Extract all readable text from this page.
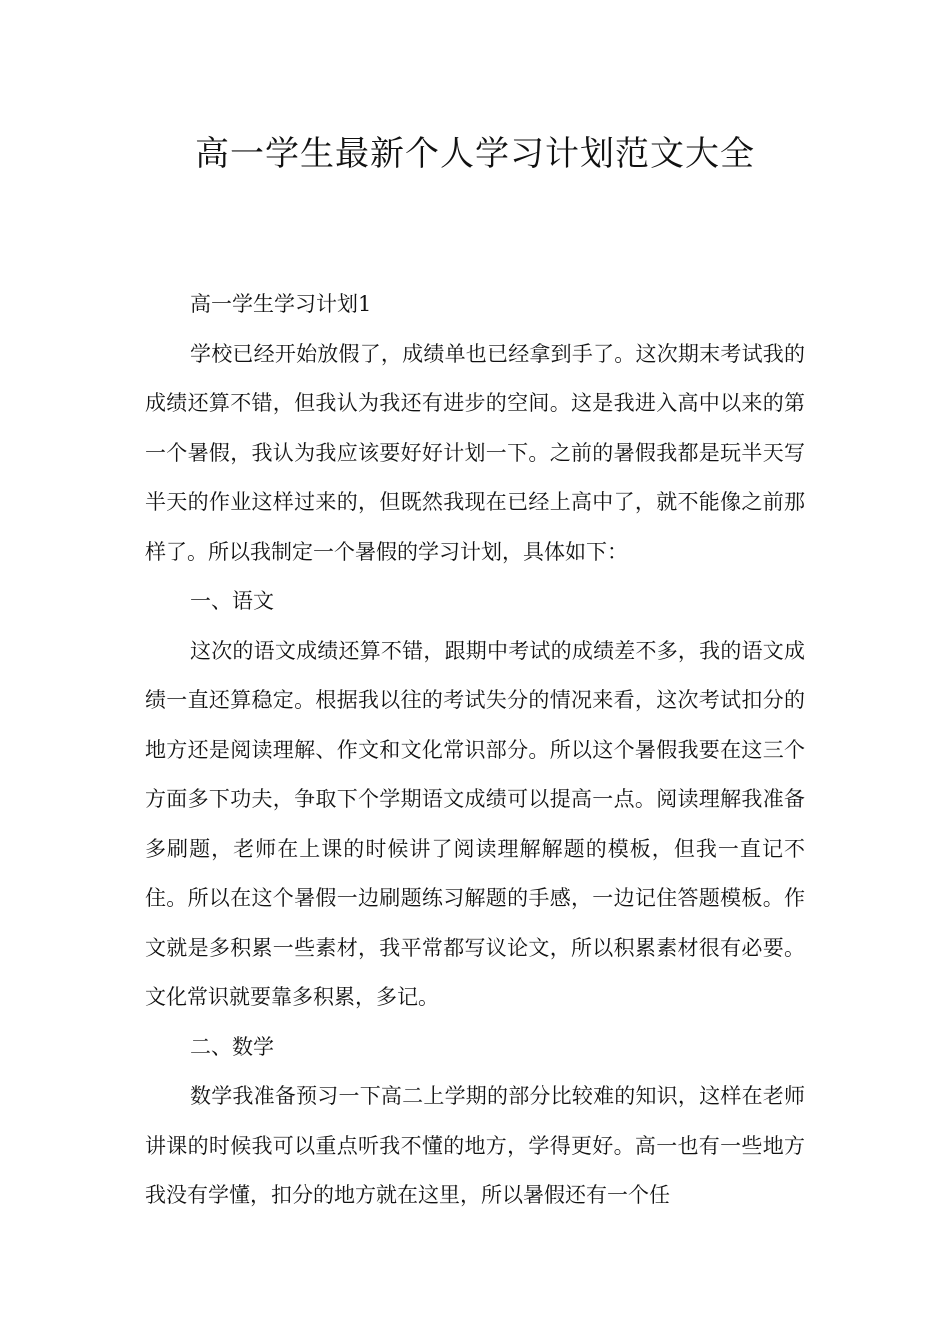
高一学生最新个人学习计划范文大全

高一学生学习计划1

学校已经开始放假了，成绩单也已经拿到手了。这次期末考试我的成绩还算不错，但我认为我还有进步的空间。这是我进入高中以来的第一个暑假，我认为我应该要好好计划一下。之前的暑假我都是玩半天写半天的作业这样过来的，但既然我现在已经上高中了，就不能像之前那样了。所以我制定一个暑假的学习计划，具体如下：

一、语文

这次的语文成绩还算不错，跟期中考试的成绩差不多，我的语文成绩一直还算稳定。根据我以往的考试失分的情况来看，这次考试扣分的地方还是阅读理解、作文和文化常识部分。所以这个暑假我要在这三个方面多下功夫，争取下个学期语文成绩可以提高一点。阅读理解我准备多刷题，老师在上课的时候讲了阅读理解解题的模板，但我一直记不住。所以在这个暑假一边刷题练习解题的手感，一边记住答题模板。作文就是多积累一些素材，我平常都写议论文，所以积累素材很有必要。文化常识就要靠多积累，多记。

二、数学

数学我准备预习一下高二上学期的部分比较难的知识，这样在老师讲课的时候我可以重点听我不懂的地方，学得更好。高一也有一些地方我没有学懂，扣分的地方就在这里，所以暑假还有一个任
